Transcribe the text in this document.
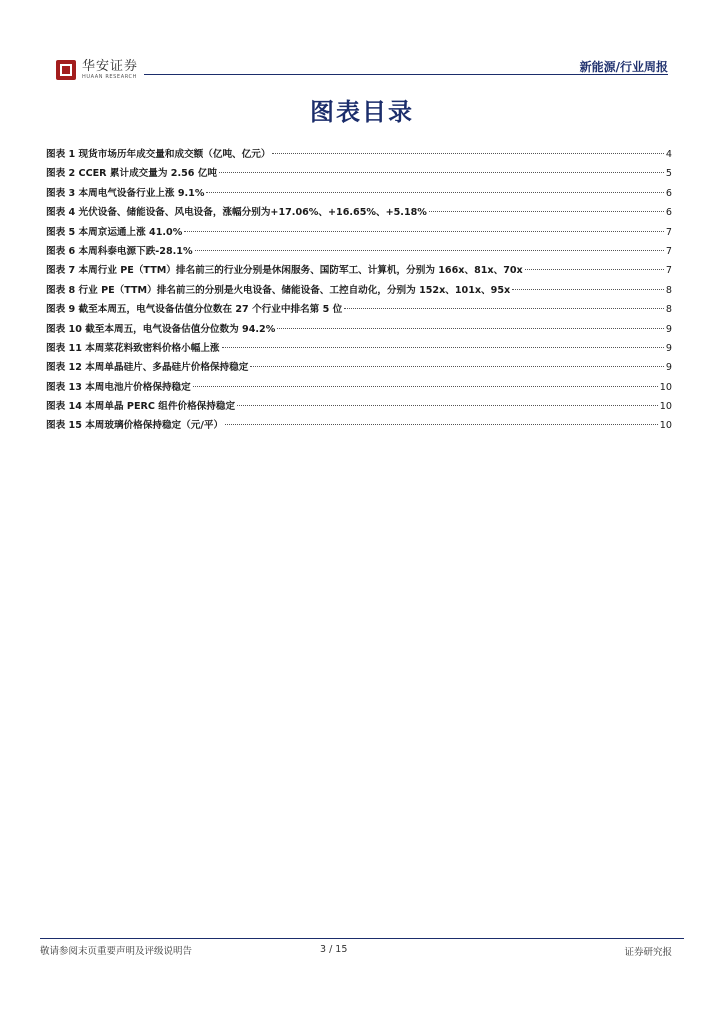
华安证券
HUAAN RESEARCH
新能源/行业周报
图表目录
图表 1 现货市场历年成交量和成交额（亿吨、亿元）	4
图表 2 CCER 累计成交量为 2.56 亿吨	5
图表 3 本周电气设备行业上涨 9.1%	6
图表 4 光伏设备、储能设备、风电设备，涨幅分别为+17.06%、+16.65%、+5.18%	6
图表 5 本周京运通上涨 41.0%	7
图表 6 本周科泰电源下跌-28.1%	7
图表 7 本周行业 PE（TTM）排名前三的行业分别是休闲服务、国防军工、计算机，分别为 166x、81x、70x	7
图表 8 行业 PE（TTM）排名前三的分别是火电设备、储能设备、工控自动化，分别为 152x、101x、95x	8
图表 9 截至本周五，电气设备估值分位数在 27 个行业中排名第 5 位	8
图表 10 截至本周五，电气设备估值分位数为 94.2%	9
图表 11 本周菜花料致密料价格小幅上涨	9
图表 12 本周单晶硅片、多晶硅片价格保持稳定	9
图表 13 本周电池片价格保持稳定	10
图表 14 本周单晶 PERC 组件价格保持稳定	10
图表 15 本周玻璃价格保持稳定（元/平）	10
敬请参阅末页重要声明及评级说明告	3 / 15	证券研究报
